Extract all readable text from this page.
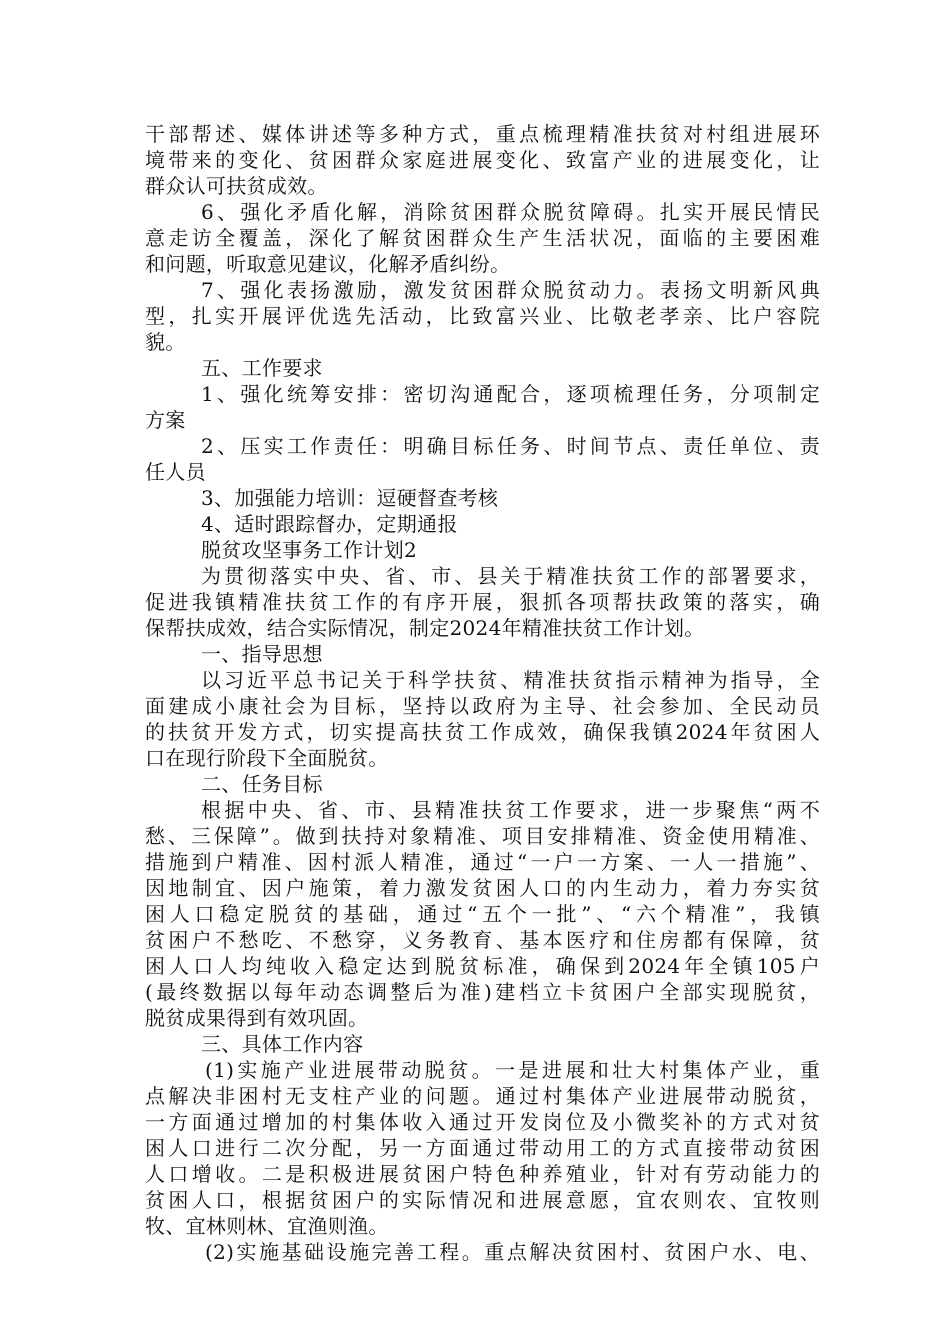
干部帮述、媒体讲述等多种方式，重点梳理精准扶贫对村组进展环
境带来的变化、贫困群众家庭进展变化、致富产业的进展变化，让
群众认可扶贫成效。
6、强化矛盾化解，消除贫困群众脱贫障碍。扎实开展民情民
意走访全覆盖，深化了解贫困群众生产生活状况，面临的主要困难
和问题，听取意见建议，化解矛盾纠纷。
7、强化表扬激励，激发贫困群众脱贫动力。表扬文明新风典
型，扎实开展评优选先活动，比致富兴业、比敬老孝亲、比户容院
貌。
五、工作要求
1、强化统筹安排：密切沟通配合，逐项梳理任务，分项制定
方案
2、压实工作责任：明确目标任务、时间节点、责任单位、责
任人员
3、加强能力培训：逗硬督查考核
4、适时跟踪督办，定期通报
脱贫攻坚事务工作计划2
为贯彻落实中央、省、市、县关于精准扶贫工作的部署要求，
促进我镇精准扶贫工作的有序开展，狠抓各项帮扶政策的落实，确
保帮扶成效，结合实际情况，制定2024年精准扶贫工作计划。
一、指导思想
以习近平总书记关于科学扶贫、精准扶贫指示精神为指导，全
面建成小康社会为目标，坚持以政府为主导、社会参加、全民动员
的扶贫开发方式，切实提高扶贫工作成效，确保我镇2024年贫困人
口在现行阶段下全面脱贫。
二、任务目标
根据中央、省、市、县精准扶贫工作要求，进一步聚焦“两不
愁、三保障”。做到扶持对象精准、项目安排精准、资金使用精准、
措施到户精准、因村派人精准，通过“一户一方案、一人一措施”、
因地制宜、因户施策，着力激发贫困人口的内生动力，着力夯实贫
困人口稳定脱贫的基础，通过“五个一批”、“六个精准”，我镇
贫困户不愁吃、不愁穿，义务教育、基本医疗和住房都有保障，贫
困人口人均纯收入稳定达到脱贫标准，确保到2024年全镇105户
(最终数据以每年动态调整后为准)建档立卡贫困户全部实现脱贫，
脱贫成果得到有效巩固。
三、具体工作内容
(1)实施产业进展带动脱贫。一是进展和壮大村集体产业，重
点解决非困村无支柱产业的问题。通过村集体产业进展带动脱贫，
一方面通过增加的村集体收入通过开发岗位及小微奖补的方式对贫
困人口进行二次分配，另一方面通过带动用工的方式直接带动贫困
人口增收。二是积极进展贫困户特色种养殖业，针对有劳动能力的
贫困人口，根据贫困户的实际情况和进展意愿，宜农则农、宜牧则
牧、宜林则林、宜渔则渔。
(2)实施基础设施完善工程。重点解决贫困村、贫困户水、电、
